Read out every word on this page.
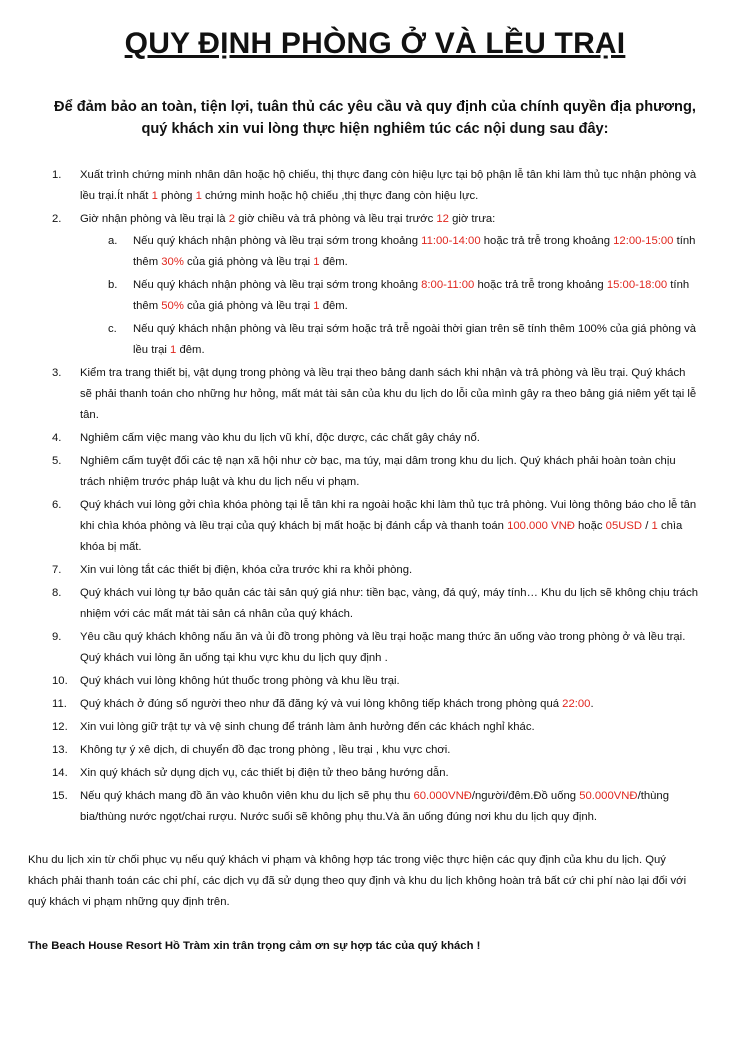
QUY ĐỊNH PHÒNG Ở VÀ LỀU TRẠI

Để đảm bảo an toàn, tiện lợi, tuân thủ các yêu cầu và quy định của chính quyền địa phương,
quý khách xin vui lòng thực hiện nghiêm túc các nội dung sau đây:

1.	Xuất trình chứng minh nhân dân hoặc hộ chiếu, thị thực đang còn hiệu lực tại bộ phận lễ tân khi làm thủ tục nhận phòng và lều trại.Ít nhất 1 phòng 1 chứng minh hoặc hộ chiếu ,thị thực đang còn hiệu lực.
2.	Giờ nhận phòng và lều trại là 2 giờ chiều và trả phòng và lều trại trước 12 giờ trưa:
a. Nếu quý khách nhận phòng và lều trại sớm trong khoảng 11:00-14:00 hoặc trả trễ trong khoảng 12:00-15:00 tính thêm 30% của giá phòng và lều trại 1 đêm.
b. Nếu quý khách nhận phòng và lều trại sớm trong khoảng 8:00-11:00 hoặc trả trễ trong khoảng 15:00-18:00 tính thêm 50% của giá phòng và lều trại 1 đêm.
c. Nếu quý khách nhận phòng và lều trại sớm hoặc trả trễ ngoài thời gian trên sẽ tính thêm 100% của giá phòng và lều trại 1 đêm.
3.	Kiểm tra trang thiết bị, vật dụng trong phòng và lều trại theo bảng danh sách khi nhận và trả phòng và lều trại. Quý khách sẽ phải thanh toán cho những hư hỏng, mất mát tài sản của khu du lịch do lỗi của mình gây ra theo bảng giá niêm yết tại lễ tân.
4.	Nghiêm cấm việc mang vào khu du lịch vũ khí, độc dược, các chất gây cháy nổ.
5.	Nghiêm cấm tuyệt đối các tệ nạn xã hội như cờ bạc, ma túy, mại dâm trong khu du lịch. Quý khách phải hoàn toàn chịu trách nhiệm trước pháp luật và khu du lịch nếu vi phạm.
6.	Quý khách vui lòng gởi chìa khóa phòng tại lễ tân khi ra ngoài hoặc khi làm thủ tục trả phòng. Vui lòng thông báo cho lễ tân khi chìa khóa phòng và lều trại của quý khách bị mất hoặc bị đánh cắp và thanh toán 100.000 VNĐ hoặc 05USD / 1 chìa khóa bị mất.
7.	Xin vui lòng tắt các thiết bị điện, khóa cửa trước khi ra khỏi phòng.
8.	Quý khách vui lòng tự bảo quản các tài sản quý giá như: tiền bạc, vàng, đá quý, máy tính… Khu du lịch sẽ không chịu trách nhiệm với các mất mát tài sản cá nhân của quý khách.
9.	Yêu cầu quý khách không nấu ăn và ủi đồ trong phòng và lều trại hoặc mang thức ăn uống vào trong phòng ở và lều trại. Quý khách vui lòng ăn uống tại khu vực khu du lịch quy định .
10.	Quý khách vui lòng không hút thuốc trong phòng và khu lều trại.
11.	Quý khách ở đúng số người theo như đã đăng ký và vui lòng không tiếp khách trong phòng quá 22:00.
12.	Xin vui lòng giữ trật tự và vệ sinh chung để tránh làm ảnh hưởng đến các khách nghỉ khác.
13.	Không tự ý xê dịch, di chuyển đồ đạc trong phòng , lều trại , khu vực chơi.
14.	Xin quý khách sử dụng dịch vụ, các thiết bị điện tử theo bảng hướng dẫn.
15.	Nếu quý khách mang đồ ăn vào khuôn viên khu du lịch sẽ phụ thu 60.000VNĐ/người/đêm.Đồ uống 50.000VNĐ/thùng bia/thùng nước ngọt/chai rượu. Nước suối sẽ không phụ thu.Và ăn uống đúng nơi khu du lịch quy định.

Khu du lịch xin từ chối phục vụ nếu quý khách vi phạm và không hợp tác trong việc thực hiện các quy định của khu du lịch. Quý khách phải thanh toán các chi phí, các dịch vụ đã sử dụng theo quy định và khu du lịch không hoàn trả bất cứ chi phí nào lại đối với quý khách vi phạm những quy định trên.

The Beach House Resort Hồ Tràm xin trân trọng cảm ơn sự hợp tác của quý khách !
